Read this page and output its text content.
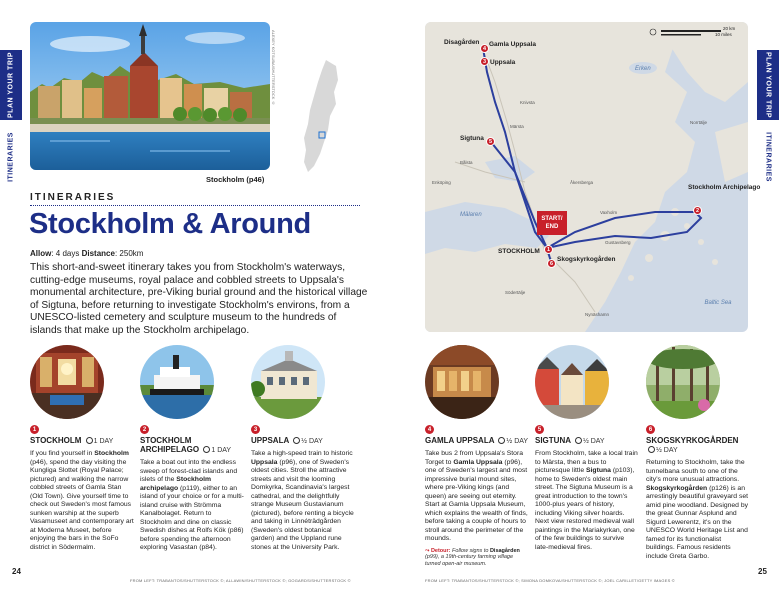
PLAN YOUR TRIP
ITINERARIES
PLAN YOUR TRIP
ITINERARIES
ALEXEY KOTSUBA/SHUTTERSTOCK ©
Stockholm (p46)
ITINERARIES
Stockholm & Around
Allow: 4 days Distance: 250km

This short-and-sweet itinerary takes you from Stockholm's waterways, cutting-edge museums, royal palace and cobbled streets to Uppsala's monumental architecture, pre-Viking burial ground and the historical village of Sigtuna, before returning to investigate Stockholm's environs, from a UNESCO-listed cemetery and sculpture museum to the hundreds of islands that make up the Stockholm archipelago.

1
STOCKHOLM 1 DAY

If you find yourself in Stockholm (p46), spend the day visiting the Kungliga Slottet (Royal Palace; pictured) and walking the narrow cobbled streets of Gamla Stan (Old Town). Give yourself time to check out Sweden's most famous sunken warship at the superb Vasamuseet and contemporary art at Moderna Museet, before enjoying the bars in the SoFo district in Södermalm.

2
STOCKHOLM ARCHIPELAGO 1 DAY

Take a boat out into the endless sweep of forest-clad islands and islets of the Stockholm archipelago (p119), either to an island of your choice or for a multi-island cruise with Strömma Kanalbolaget. Return to Stockholm and dine on classic Swedish dishes at Rolfs Kök (p86) before spending the afternoon exploring Vasastan (p84).

3
UPPSALA ½ DAY

Take a high-speed train to historic Uppsala (p96), one of Sweden's oldest cities. Stroll the attractive streets and visit the looming Domkyrka, Scandinavia's largest cathedral, and the delightfully strange Museum Gustavianum (pictured), before renting a bicycle and taking in Linnéträdgården (Sweden's oldest botanical garden) and the Uppland rune stones at the University Park.

FROM LEFT: TRABANTOS/SHUTTERSTOCK ©; ALLAWIN/SHUTTERSTOCK ©; GOGARDS/SHUTTERSTOCK ©
24
20 km
10 miles
Disagården
4
Gamla Uppsala
3 Uppsala
Sigtuna 5
Stockholm Archipelago
2
START/
END
1
STOCKHOLM
6
Skogskyrkogården
Erken
Mälaren
Baltic Sea
Knivsta
Märsta
Norrtälje
Vaxholm
Åkersberga
Enköping
Södertälje
Nynäshamn
Bålsta
Gustavsberg
4
GAMLA UPPSALA ½ DAY

Take bus 2 from Uppsala's Stora Torget to Gamla Uppsala (p96), one of Sweden's largest and most impressive burial mound sites, where pre-Viking kings (and queen) are seeing out eternity. Start at Gamla Uppsala Museum, which explains the wealth of finds, before taking a couple of hours to stroll around the perimeter of the mounds.

⤳ Detour: Follow signs to Disagården (p99), a 19th-century farming village turned open-air museum.

5
SIGTUNA ½ DAY

From Stockholm, take a local train to Märsta, then a bus to picturesque little Sigtuna (p103), home to Sweden's oldest main street. The Sigtuna Museum is a great introduction to the town's 1000-plus years of history, including Viking silver hoards. Next view restored medieval wall paintings in the Mariakyrkan, one of the few buildings to survive late-medieval fires.

6
SKOGSKYRKOGÅRDEN
½ DAY

Returning to Stockholm, take the tunnelbana south to one of the city's more unusual attractions. Skogskyrkogården (p126) is an arrestingly beautiful graveyard set amid pine woodland. Designed by the great Gunnar Asplund and Sigurd Lewerentz, it's on the UNESCO World Heritage List and famed for its functionalist buildings. Famous residents include Greta Garbo.

FROM LEFT: TRABANTOS/SHUTTERSTOCK ©; SIMONA DOMKOVA/SHUTTERSTOCK ©; JOEL CARILLET/GETTY IMAGES ©
25
